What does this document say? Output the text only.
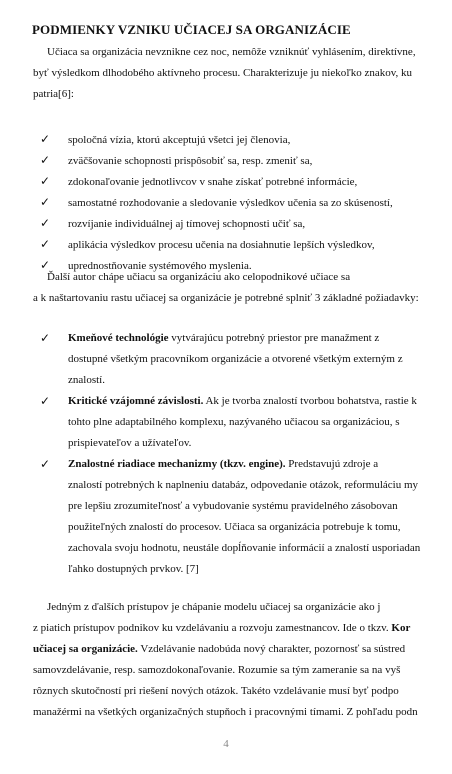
PODMIENKY VZNIKU UČIACEJ SA ORGANIZÁCIE
Učiaca sa organizácia nevznikne cez noc, nemôže vzniknúť vyhlásením, direktívne,
byť výsledkom dlhodobého aktívneho procesu. Charakterizuje ju niekoľko znakov, ku
patria[6]:
✓	spoločná vízia, ktorú akceptujú všetci jej členovia,
✓	zväčšovanie schopnosti prispôsobiť sa, resp. zmeniť sa,
✓	zdokonaľovanie jednotlivcov v snahe získať potrebné informácie,
✓	samostatné rozhodovanie a sledovanie výsledkov učenia sa zo skúseností,
✓	rozvíjanie individuálnej aj tímovej schopnosti učiť sa,
✓	aplikácia výsledkov procesu učenia na dosiahnutie lepších výsledkov,
✓	uprednostňovanie systémového myslenia.
Ďalší autor chápe učiacu sa organizáciu ako celopodnikové učiace sa
a k naštartovaniu rastu učiacej sa organizácie je potrebné splniť 3 základné požiadavky:
✓	Kmeňové technológie vytvárajúcu potrebný priestor pre manažment z
dostupné všetkým pracovníkom organizácie a otvorené všetkým externým z
znalostí.
✓	Kritické vzájomné závislosti. Ak je tvorba znalostí tvorbou bohatstva, rastie k
tohto plne adaptabilného komplexu, nazývaného učiacou sa organizáciou, s
prispievateľov a užívateľov.
✓	Znalostné riadiace mechanizmy (tkzv. engine). Predstavujú zdroje a
znalostí potrebných k naplneniu databáz, odpovedanie otázok, reformuláciu my
pre lepšiu zrozumiteľnosť a vybudovanie systému pravidelného zásobovan
použiteľných znalostí do procesov. Učiaca sa organizácia potrebuje k tomu,
zachovala svoju hodnotu, neustále dopĺňovanie informácií a znalostí usporiadan
ľahko dostupných prvkov. [7]
Jedným z ďalších prístupov je chápanie modelu učiacej sa organizácie ako j
z piatich prístupov podnikov ku vzdelávaniu a rozvoju zamestnancov. Ide o tkzv. Kor
učiacej sa organizácie. Vzdelávanie nadobúda nový charakter, pozornosť sa sústred
samovzdelávanie, resp. samozdokonaľovanie. Rozumie sa tým zameranie sa na vyš
rôznych skutočností pri riešení nových otázok. Takéto vzdelávanie musí byť podpo
manažérmi na všetkých organizačných stupňoch i pracovnými tímami. Z pohľadu podn
4
